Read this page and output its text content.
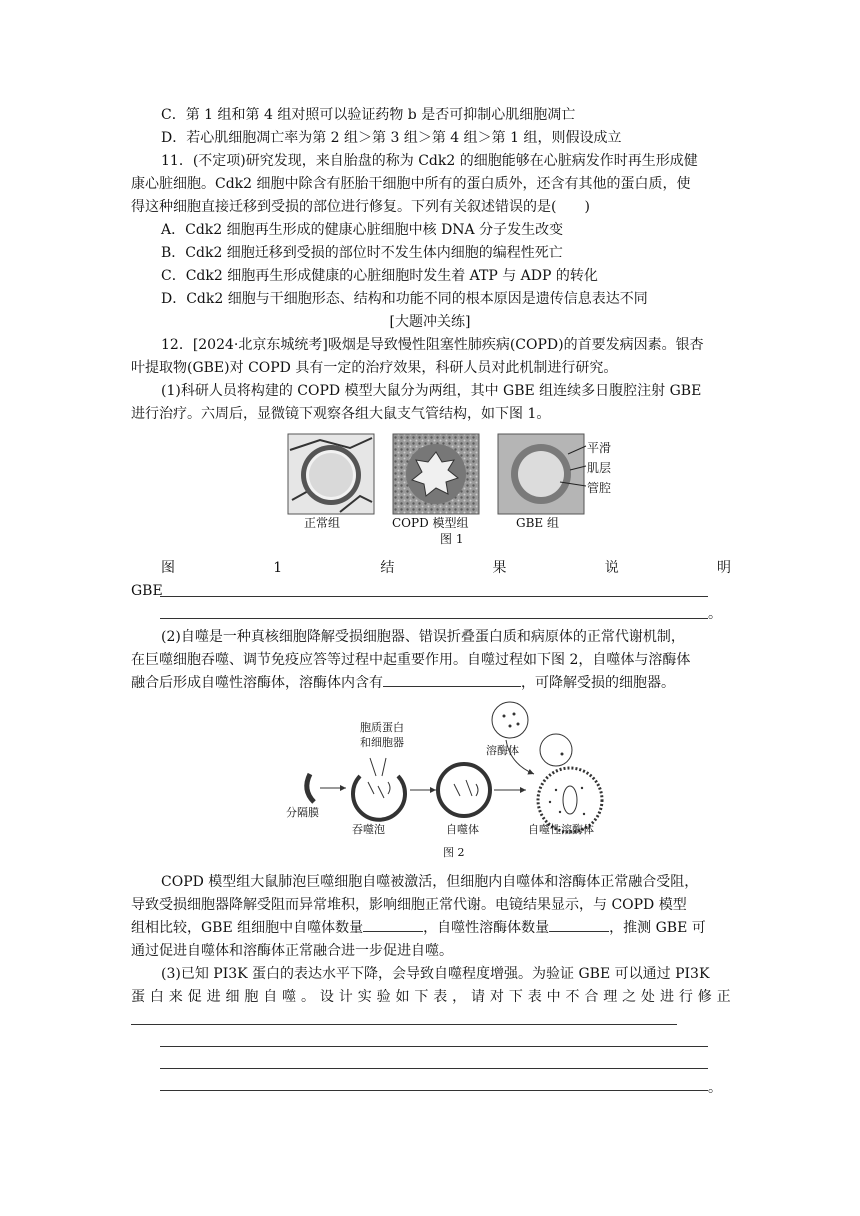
C．第 1 组和第 4 组对照可以验证药物 b 是否可抑制心肌细胞凋亡
D．若心肌细胞凋亡率为第 2 组＞第 3 组＞第 4 组＞第 1 组，则假设成立
11．(不定项)研究发现，来自胎盘的称为 Cdk2 的细胞能够在心脏病发作时再生形成健
康心脏细胞。Cdk2 细胞中除含有胚胎干细胞中所有的蛋白质外，还含有其他的蛋白质，使
得这种细胞直接迁移到受损的部位进行修复。下列有关叙述错误的是(　　)
A．Cdk2 细胞再生形成的健康心脏细胞中核 DNA 分子发生改变
B．Cdk2 细胞迁移到受损的部位时不发生体内细胞的编程性死亡
C．Cdk2 细胞再生形成健康的心脏细胞时发生着 ATP 与 ADP 的转化
D．Cdk2 细胞与干细胞形态、结构和功能不同的根本原因是遗传信息表达不同
[大题冲关练]
12．[2024·北京东城统考]吸烟是导致慢性阻塞性肺疾病(COPD)的首要发病因素。银杏
叶提取物(GBE)对 COPD 具有一定的治疗效果，科研人员对此机制进行研究。
(1)科研人员将构建的 COPD 模型大鼠分为两组，其中 GBE 组连续多日腹腔注射 GBE
进行治疗。六周后，显微镜下观察各组大鼠支气管结构，如下图 1。
平滑
肌层
管腔
正常组	COPD 模型组	GBE 组
图 1
图	1	结	果	说	明
GBE
。
(2)自噬是一种真核细胞降解受损细胞器、错误折叠蛋白质和病原体的正常代谢机制，
在巨噬细胞吞噬、调节免疫应答等过程中起重要作用。自噬过程如下图 2，自噬体与溶酶体
融合后形成自噬性溶酶体，溶酶体内含有	，可降解受损的细胞器。
胞质蛋白
和细胞器
溶酶体
分隔膜
吞噬泡	自噬体	自噬性溶酶体
图 2
COPD 模型组大鼠肺泡巨噬细胞自噬被激活，但细胞内自噬体和溶酶体正常融合受阻，
导致受损细胞器降解受阻而异常堆积，影响细胞正常代谢。电镜结果显示，与 COPD 模型
组相比较，GBE 组细胞中自噬体数量	，自噬性溶酶体数量	，推测 GBE 可
通过促进自噬体和溶酶体正常融合进一步促进自噬。
(3)已知 PI3K 蛋白的表达水平下降，会导致自噬程度增强。为验证 GBE 可以通过 PI3K
蛋 白 来 促 进 细 胞 自 噬 。 设 计 实 验 如 下 表 ， 请 对 下 表 中 不 合 理 之 处 进 行 修 正
。
